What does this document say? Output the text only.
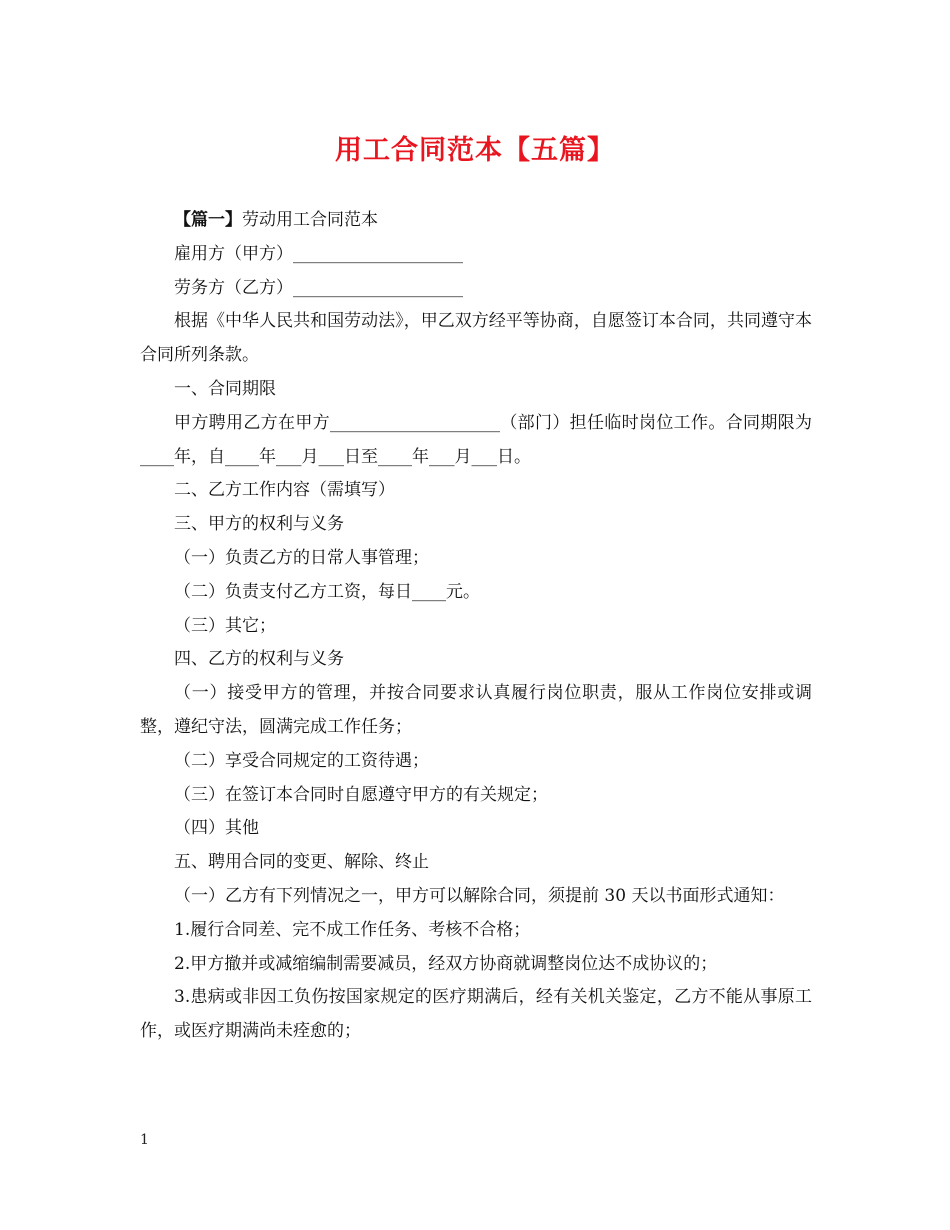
用工合同范本【五篇】

【篇一】劳动用工合同范本

雇用方（甲方）____________________

劳务方（乙方）____________________

根据《中华人民共和国劳动法》，甲乙双方经平等协商，自愿签订本合同，共同遵守本合同所列条款。

一、合同期限

甲方聘用乙方在甲方____________________（部门）担任临时岗位工作。合同期限为____年，自____年___月___日至____年___月___日。

二、乙方工作内容（需填写）

三、甲方的权利与义务

（一）负责乙方的日常人事管理；

（二）负责支付乙方工资，每日____元。

（三）其它；

四、乙方的权利与义务

（一）接受甲方的管理，并按合同要求认真履行岗位职责，服从工作岗位安排或调整，遵纪守法，圆满完成工作任务；

（二）享受合同规定的工资待遇；

（三）在签订本合同时自愿遵守甲方的有关规定；

（四）其他

五、聘用合同的变更、解除、终止

（一）乙方有下列情况之一，甲方可以解除合同，须提前 30 天以书面形式通知：

1.履行合同差、完不成工作任务、考核不合格；

2.甲方撤并或减缩编制需要减员，经双方协商就调整岗位达不成协议的；

3.患病或非因工负伤按国家规定的医疗期满后，经有关机关鉴定，乙方不能从事原工作，或医疗期满尚未痊愈的；

1
